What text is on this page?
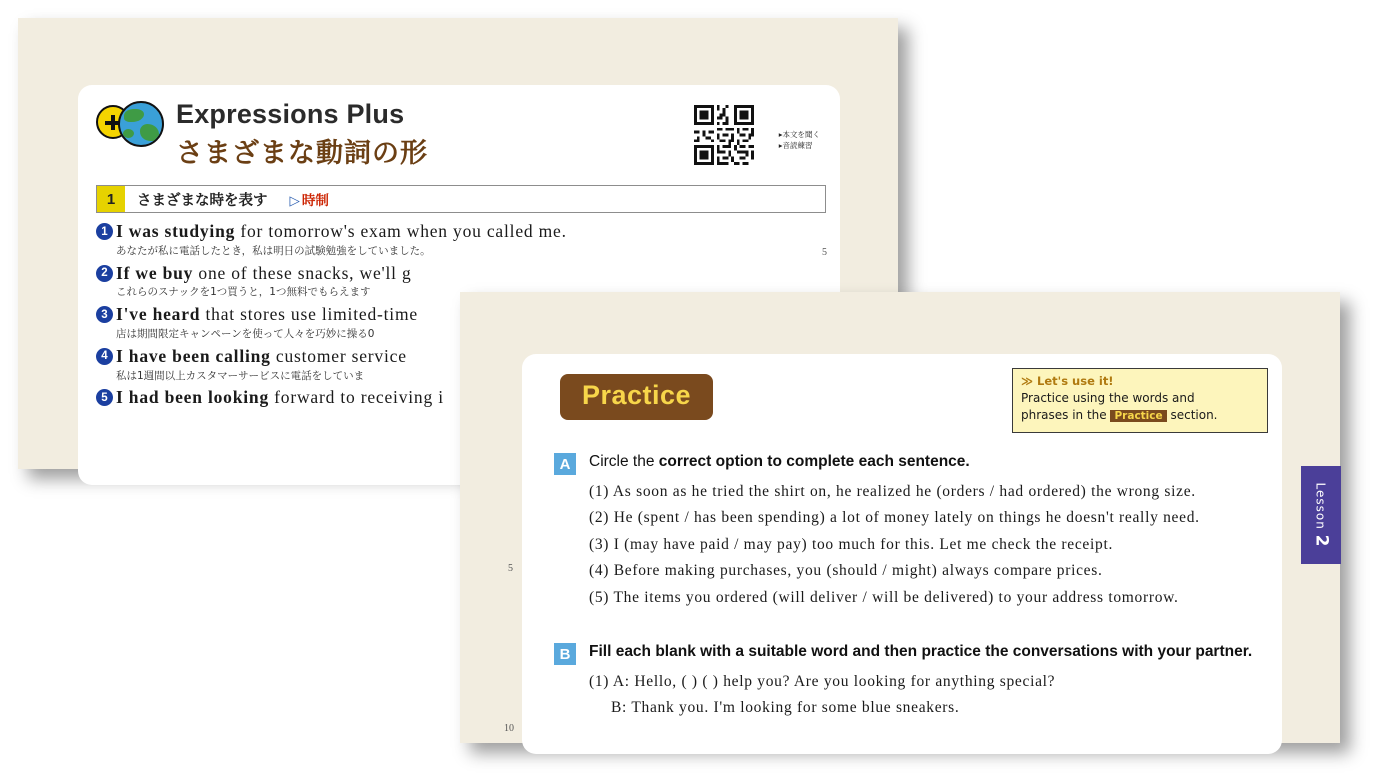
Expressions Plus
さまざまな動詞の形
▸本文を聞く
▸音読練習
1	さまざまな時を表す ▷ 時制
1 I was studying for tomorrow's exam when you called me.
あなたが私に電話したとき，私は明日の試験勉強をしていました。
2 If we buy one of these snacks, we'll g
これらのスナックを1つ買うと，1つ無料でもらえます
3 I've heard that stores use limited-time
店は期間限定キャンペーンを使って人々を巧妙に操る0
4 I have been calling customer service
私は1週間以上カスタマーサービスに電話をしていま
5 I had been looking forward to receiving i
5
Practice	≫ Let's use it!
Practice using the words and
phrases in the Practice section.
A	Circle the correct option to complete each sentence.
(1) As soon as he tried the shirt on, he realized he (orders / had ordered) the wrong size.
(2) He (spent / has been spending) a lot of money lately on things he doesn't really need.
(3) I (may have paid / may pay) too much for this. Let me check the receipt.
(4) Before making purchases, you (should / might) always compare prices.
(5) The items you ordered (will deliver / will be delivered) to your address tomorrow.
B	Fill each blank with a suitable word and then practice the conversations with your partner.
(1) A: Hello, ( ) ( ) help you? Are you looking for anything special?
B: Thank you. I'm looking for some blue sneakers.
5
10
Lesson 2
